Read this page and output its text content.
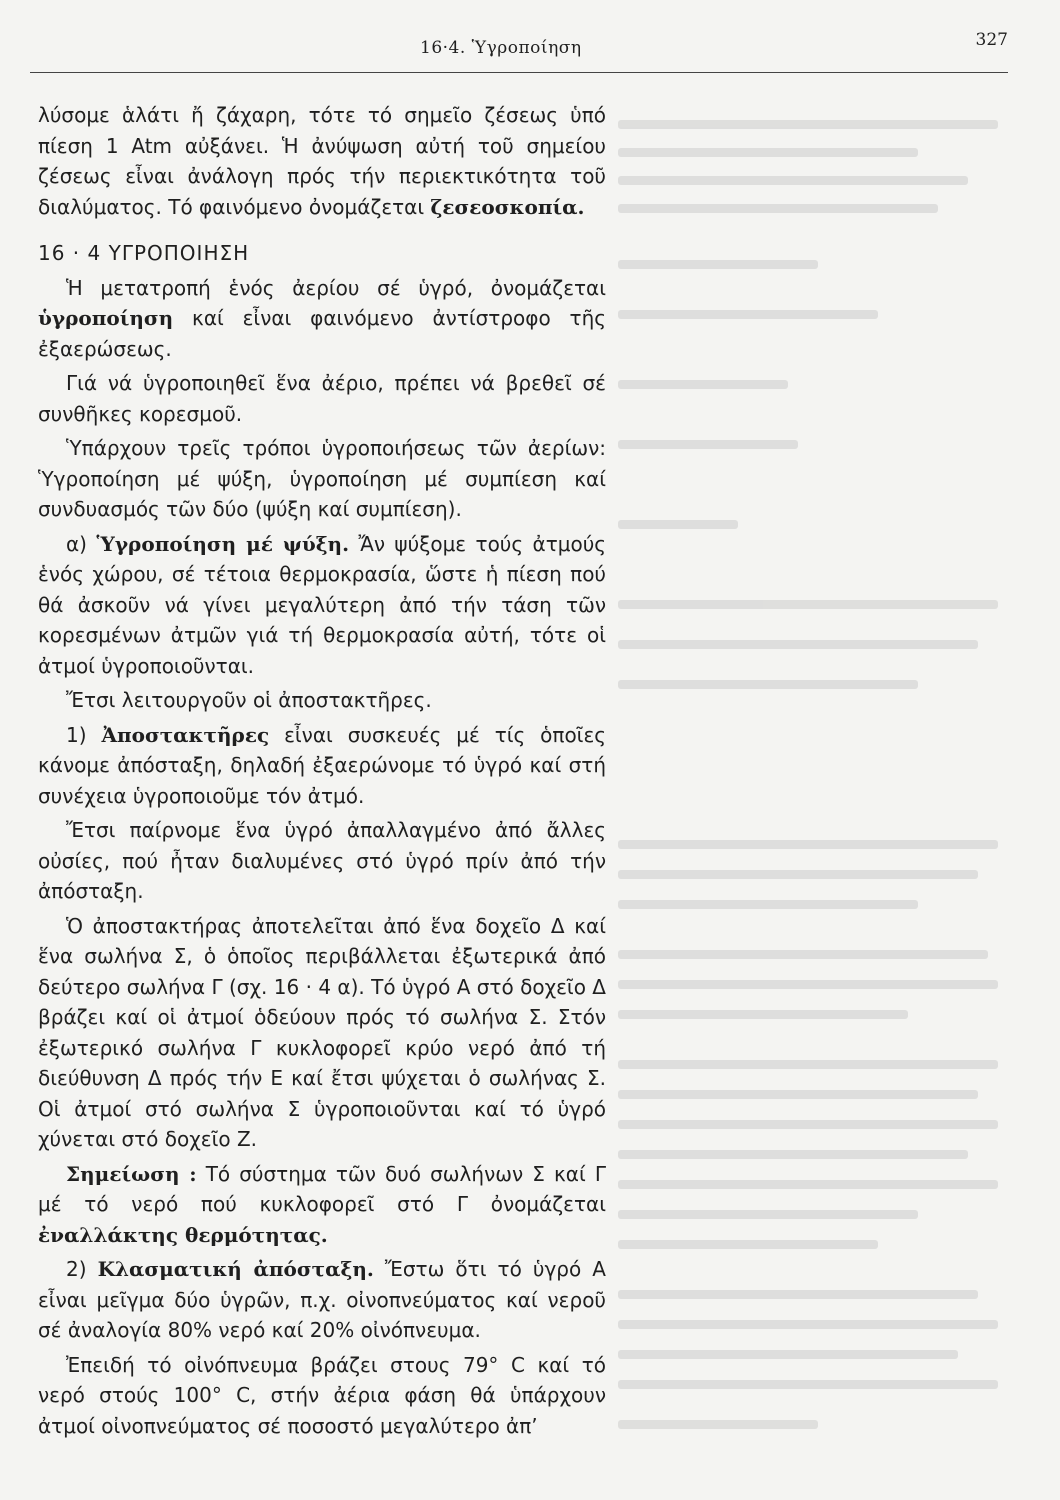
16·4. Ὑγροποίηση	327

λύσομε ἁλάτι ἤ ζάχαρη, τότε τό σημεῖο ζέσεως ὑπό πίεση 1 Atm αὐξάνει. Ἡ ἀνύψωση αὐτή τοῦ σημείου ζέσεως εἶναι ἀνάλογη πρός τήν περιεκτικότητα τοῦ διαλύματος. Τό φαινόμενο ὀνομάζεται ζεσεοσκοπία.

16 · 4 ΥΓΡΟΠΟΙΗΣΗ

Ἡ μετατροπή ἑνός ἀερίου σέ ὑγρό, ὀνομάζεται ὑγροποίηση καί εἶναι φαινόμενο ἀντίστροφο τῆς ἐξαερώσεως.

Γιά νά ὑγροποιηθεῖ ἕνα ἀέριο, πρέπει νά βρεθεῖ σέ συνθῆκες κορεσμοῦ.

Ὑπάρχουν τρεῖς τρόποι ὑγροποιήσεως τῶν ἀερίων: Ὑγροποίηση μέ ψύξη, ὑγροποίηση μέ συμπίεση καί συνδυασμός τῶν δύο (ψύξη καί συμπίεση).

α) Ὑγροποίηση μέ ψύξη. Ἄν ψύξομε τούς ἀτμούς ἑνός χώρου, σέ τέτοια θερμοκρασία, ὥστε ἡ πίεση πού θά ἀσκοῦν νά γίνει μεγαλύτερη ἀπό τήν τάση τῶν κορεσμένων ἀτμῶν γιά τή θερμοκρασία αὐτή, τότε οἱ ἀτμοί ὑγροποιοῦνται.

Ἔτσι λειτουργοῦν οἱ ἀποστακτῆρες.

1) Ἀποστακτῆρες εἶναι συσκευές μέ τίς ὁποῖες κάνομε ἀπόσταξη, δηλαδή ἐξαερώνομε τό ὑγρό καί στή συνέχεια ὑγροποιοῦμε τόν ἀτμό.

Ἔτσι παίρνομε ἕνα ὑγρό ἀπαλλαγμένο ἀπό ἄλλες οὐσίες, πού ἦταν διαλυμένες στό ὑγρό πρίν ἀπό τήν ἀπόσταξη.

Ὁ ἀποστακτήρας ἀποτελεῖται ἀπό ἕνα δοχεῖο Δ καί ἕνα σωλήνα Σ, ὁ ὁποῖος περιβάλλεται ἐξωτερικά ἀπό δεύτερο σωλήνα Γ (σχ. 16 · 4 α). Τό ὑγρό Α στό δοχεῖο Δ βράζει καί οἱ ἀτμοί ὁδεύουν πρός τό σωλήνα Σ. Στόν ἐξωτερικό σωλήνα Γ κυκλοφορεῖ κρύο νερό ἀπό τή διεύθυνση Δ πρός τήν Ε καί ἔτσι ψύχεται ὁ σωλήνας Σ. Οἱ ἀτμοί στό σωλήνα Σ ὑγροποιοῦνται καί τό ὑγρό χύνεται στό δοχεῖο Ζ.

Σημείωση : Τό σύστημα τῶν δυό σωλήνων Σ καί Γ μέ τό νερό πού κυκλοφορεῖ στό Γ ὀνομάζεται ἐναλλάκτης θερμότητας.

2) Κλασματική ἀπόσταξη. Ἔστω ὅτι τό ὑγρό Α εἶναι μεῖγμα δύο ὑγρῶν, π.χ. οἰνοπνεύματος καί νεροῦ σέ ἀναλογία 80% νερό καί 20% οἰνόπνευμα.

Ἐπειδή τό οἰνόπνευμα βράζει στους 79° C καί τό νερό στούς 100° C, στήν ἀέρια φάση θά ὑπάρχουν ἀτμοί οἰνοπνεύματος σέ ποσοστό μεγαλύτερο ἀπ’
